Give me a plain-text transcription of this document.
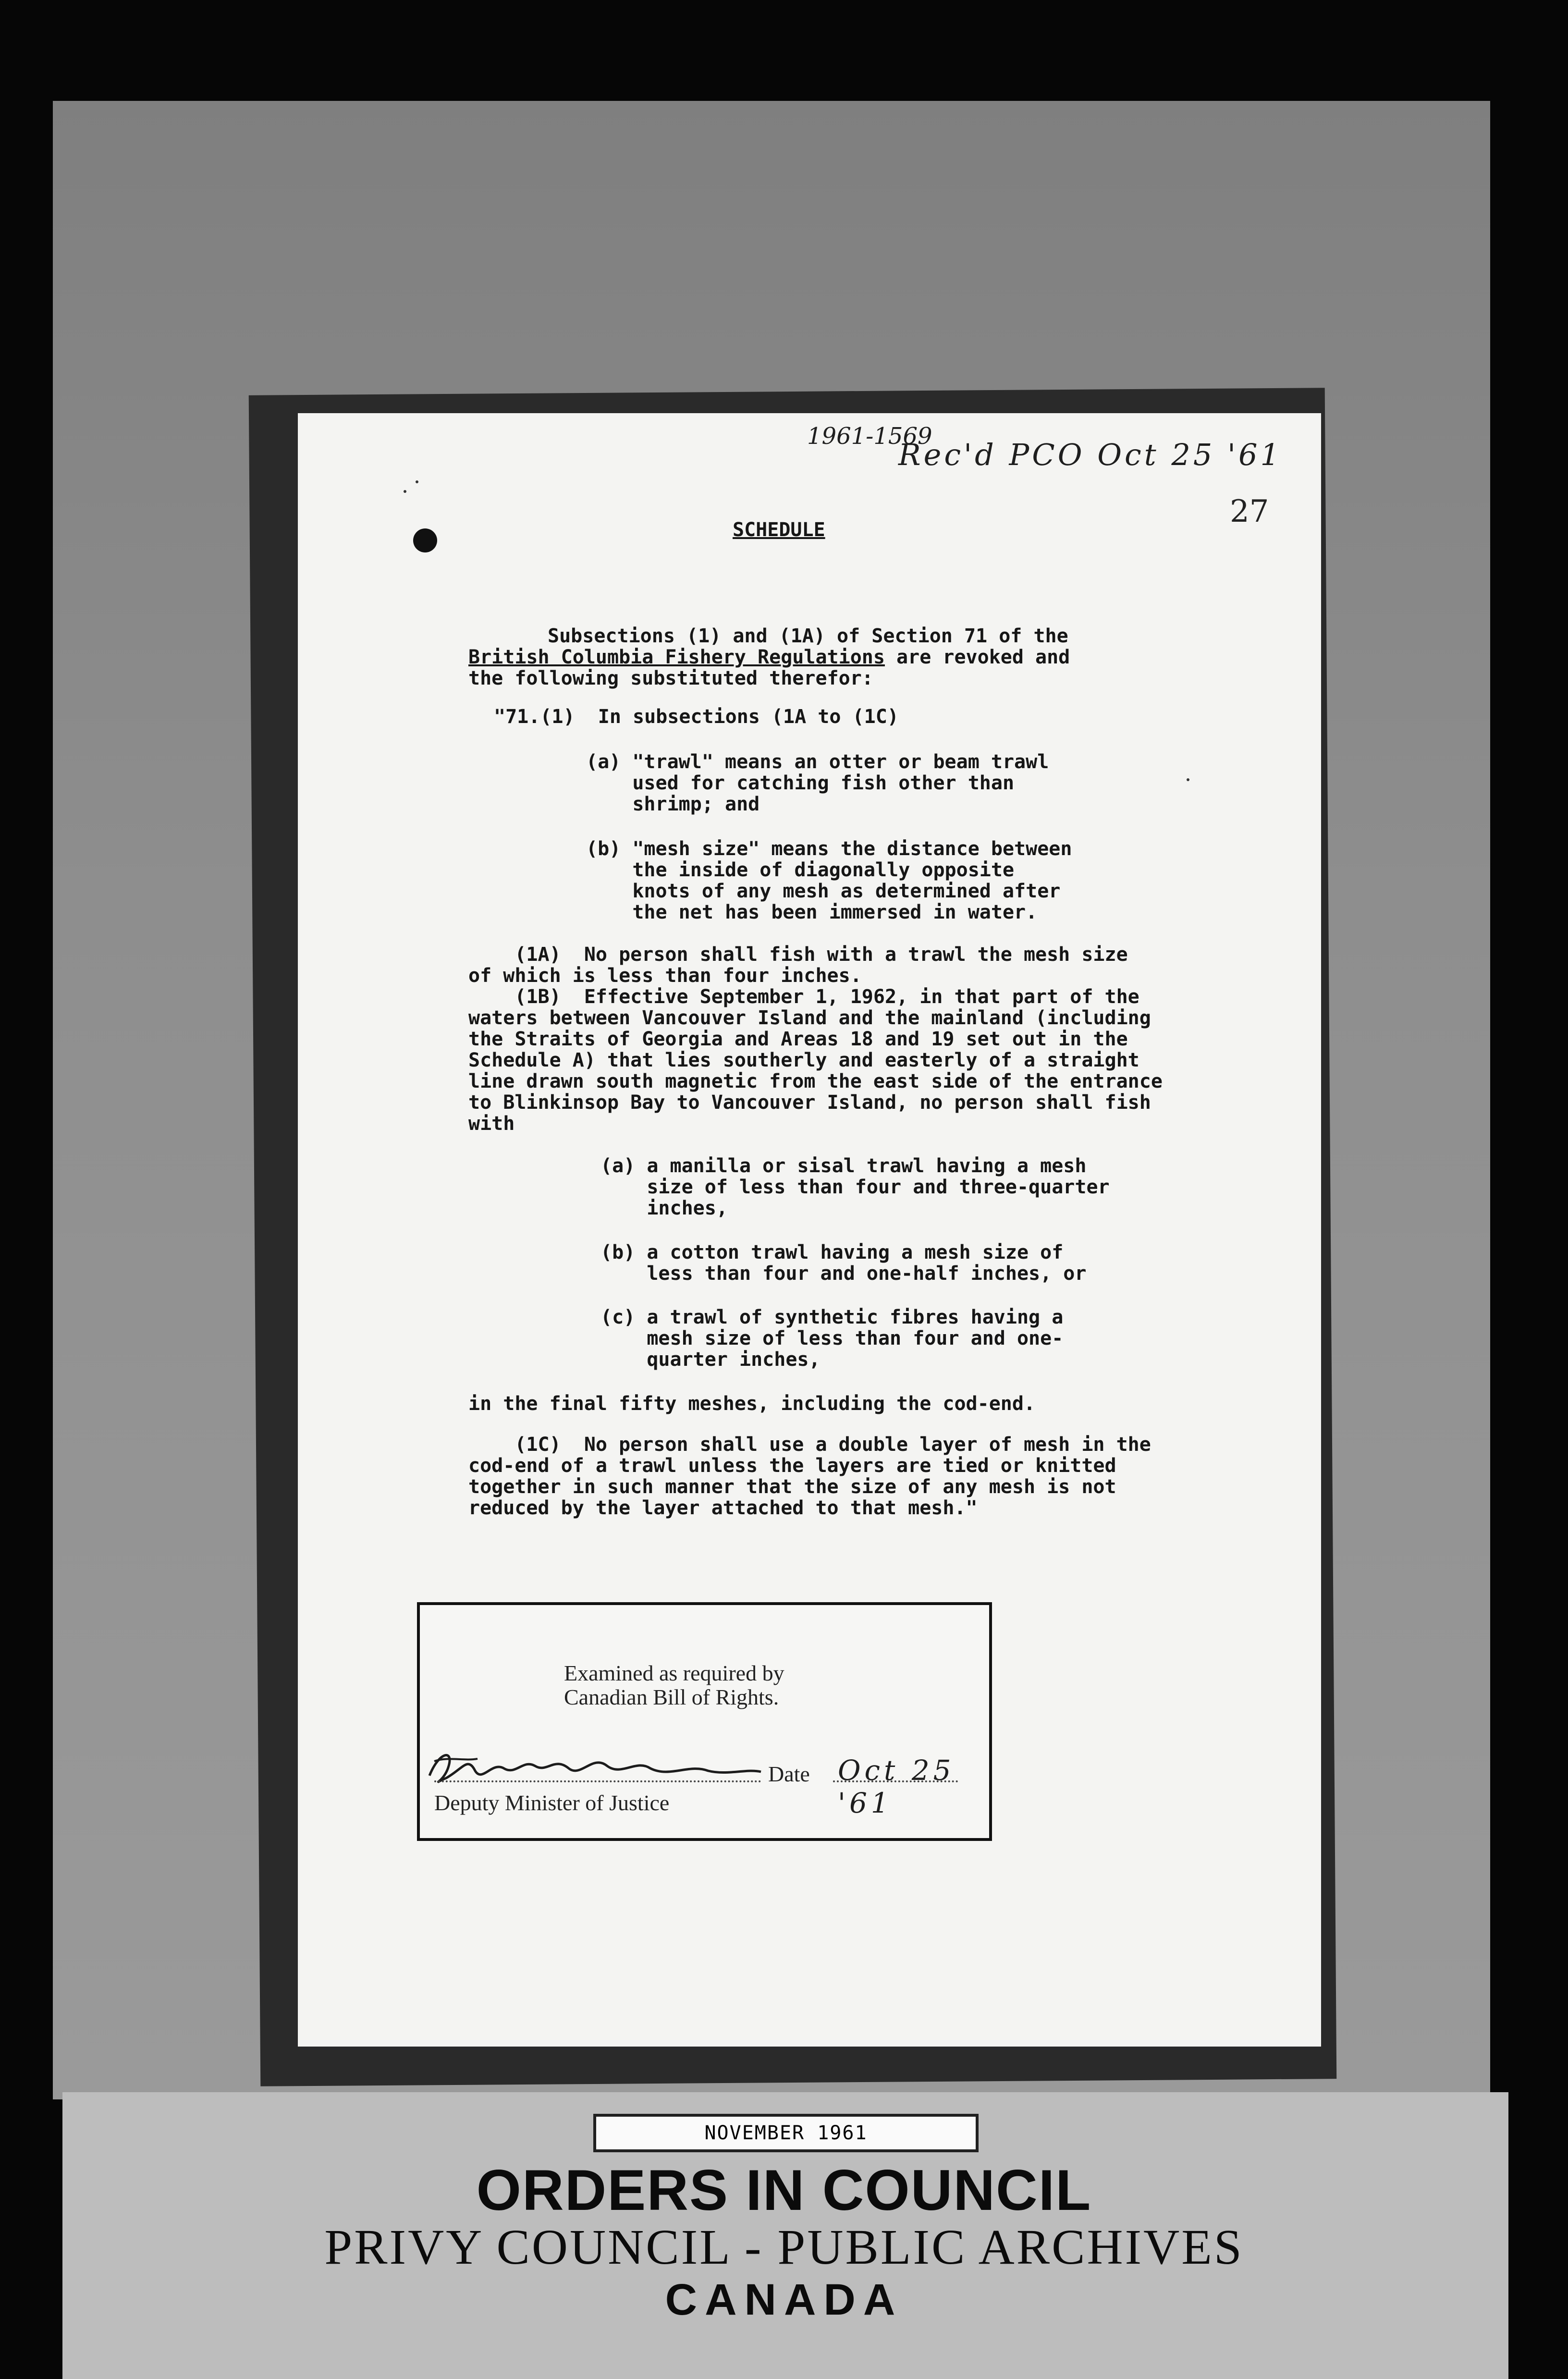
1961-1569
Rec'd PCO Oct 25 '61
27
SCHEDULE
Subsections (1) and (1A) of Section 71 of the
British Columbia Fishery Regulations are revoked and
the following substituted therefor:
"71.(1)  In subsections (1A to (1C)
(a) "trawl" means an otter or beam trawl
used for catching fish other than
shrimp; and
(b) "mesh size" means the distance between
the inside of diagonally opposite
knots of any mesh as determined after
the net has been immersed in water.
(1A)  No person shall fish with a trawl the mesh size
of which is less than four inches.
(1B)  Effective September 1, 1962, in that part of the
waters between Vancouver Island and the mainland (including
the Straits of Georgia and Areas 18 and 19 set out in the
Schedule A) that lies southerly and easterly of a straight
line drawn south magnetic from the east side of the entrance
to Blinkinsop Bay to Vancouver Island, no person shall fish
with
(a) a manilla or sisal trawl having a mesh
size of less than four and three-quarter
inches,
(b) a cotton trawl having a mesh size of
less than four and one-half inches, or
(c) a trawl of synthetic fibres having a
mesh size of less than four and one-
quarter inches,
in the final fifty meshes, including the cod-end.
(1C)  No person shall use a double layer of mesh in the
cod-end of a trawl unless the layers are tied or knitted
together in such manner that the size of any mesh is not
reduced by the layer attached to that mesh."
Examined as required by
Canadian Bill of Rights.
Date Oct 25 '61
Deputy Minister of Justice
NOVEMBER 1961
ORDERS IN COUNCIL
PRIVY COUNCIL - PUBLIC ARCHIVES
CANADA
